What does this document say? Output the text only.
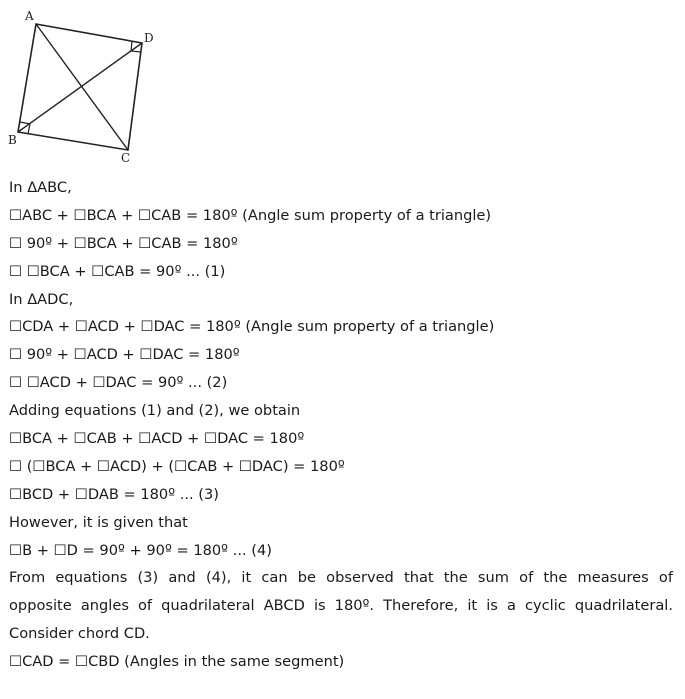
A
D
B
C
In ΔABC,
☐ABC + ☐BCA + ☐CAB = 180º (Angle sum property of a triangle)
☐ 90º + ☐BCA + ☐CAB = 180º
☐ ☐BCA + ☐CAB = 90º ... (1)
In ΔADC,
☐CDA + ☐ACD + ☐DAC = 180º (Angle sum property of a triangle)
☐ 90º + ☐ACD + ☐DAC = 180º
☐ ☐ACD + ☐DAC = 90º ... (2)
Adding equations (1) and (2), we obtain
☐BCA + ☐CAB + ☐ACD + ☐DAC = 180º
☐ (☐BCA + ☐ACD) + (☐CAB + ☐DAC) = 180º
☐BCD + ☐DAB = 180º ... (3)
However, it is given that
☐B + ☐D = 90º + 90º = 180º ... (4)
From equations (3) and (4), it can be observed that the sum of the measures of
opposite angles of quadrilateral ABCD is 180º. Therefore, it is a cyclic quadrilateral.
Consider chord CD.
☐CAD = ☐CBD (Angles in the same segment)
